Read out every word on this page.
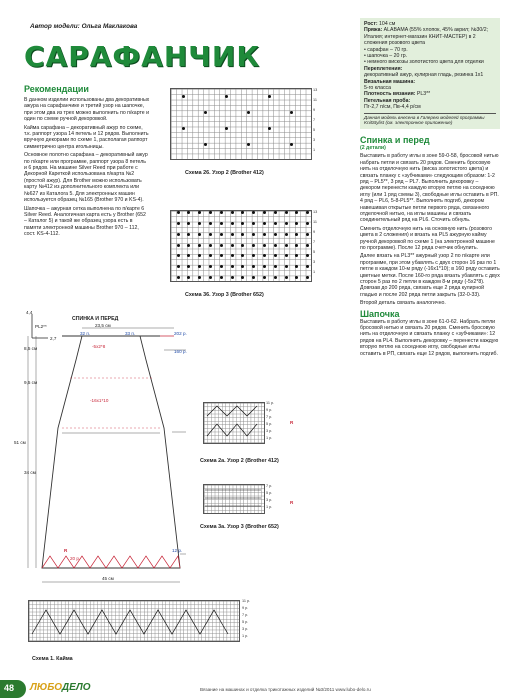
Автор модели: Ольга Маклакова
САРАФАНЧИК
Рекомендации

В данном изделии использованы два декоративных ажура на сарафанчике и третий узор на шапочке, при этом два из трех можно выполнить по п/карте и один по схеме ручной декоровкой.

Кайма сарафана – декоративный ажур по схеме, т.к. раппорт узора 14 петель и 12 рядов. Выполнить вручную декорами по схеме 1, располагая раппорт симметрично центра иголыницы.

Основное полотно сарафана – декоративный ажур по п/карте или программе, раппорт узора 8 петель и 6 рядов. На машине Silver Reed при работе с Декорной Кареткой использована п/карта №2 (простой ажур). Для Brother можно использовать карту №412 из дополнительного комплекта или №627 из Каталога 5. Для электронных машин используется образец №165 (Brother 970 и KS-4).

Шапочка – ажурная сетка выполнена по п/карте 6 Silver Reed. Аналогичная карта есть у Brother (652 – Каталог 5) и такой же образец узора есть в памяти электронной машины Brother 970 – 112, сост. KS-4-112.

13
11
9
7
5
3
1
Схема 26. Узор 2 (Brother 412)
13
11
9
7
5
3
1
Схема 36. Узор 3 (Brother 652)
СПИНКА И ПЕРЕД
4,4
PL2**
2,7
23,5 см
32 п.	33 п.	202 р.
-5х2*8
160 р.
-16х1*10
8,5 см
9,5 см
34 см
51 см
12 р.
20 р.
R
45 см
11 р.
9 р.
7 р.
5 р.
3 р.
1 р.
R
Схема 2а. Узор 2 (Brother 412)
7 р.
5 р.
3 р.
1 р.
R
Схема 3а. Узор 3 (Brother 652)
11 р.
9 р.
7 р.
5 р.
3 р.
1 р.
Схема 1. Кайма
Рост: 104 см
Пряжа: ALABAMA (55% хлопок, 45% акрил; №30/2; Италия; интернет-магазин КНИТ-МАСТЕР) в 2 сложения розового цвета
• сарафан – 70 гр.
• шапочка – 20 гр.
• немного вискозы золотистого цвета для отделки
Переплетения:
декоративный ажур, кулирная гладь, резинка 1х1
Вязальная машина:
5-го класса
Плотность вязания: PL3**
Петельная проба:
Пг-2,7 п/см, Пв-4,4 р/см
Данная модель внесена в Галерею моделей программы KnitStylist (см. электронное приложение)
Спинка и перед
(2 детали)

Выставить в работу иглы в зоне 59-0-58, бросовой нитью набрать петли и связать 20 рядов. Сменить бросовую нить на отделочную нить (виска золотистого цвета) и связать планку с «зубчиками» следующим образом: 1-2 ряд – PL5**, 3 ряд – PL7. Выполнить декоровку – декором перенести каждую вторую петлю на соседнюю иглу (или 1 ряд схемы 3), свободные иглы оставить в РП. 4 ряд – PL6, 5-8-PL5**. Выполнить подгиб, декором навешивая открытые петли первого ряда, связанного отделочной нитью, на иглы машины и связать соединительный ряд на PL6. Сточить обнуль.

Сменить отделочную нить на основную нить (розового цвета в 2 сложения) и вязать на PL5 ажурную кайму ручной декоровкой по схеме 1 (на электронной машине по программе). После 12 ряда счетчик обнулить.

Далее вязать на PL3** ажурный узор 2 по п/карте или программе, при этом убавлять с двух сторон 16 раз по 1 петле в каждом 10-м ряду (-16х1*10); в 160 ряду оставить цветные метки. После 160-го ряда вязать убавлять с двух сторон 5 раз по 2 петли в каждом 8-м ряду (-5х2*8). Довязав до 200 ряда, связать еще 2 ряда кулирной гладью и после 202 ряда петли закрыть (32-0-33).

Второй деталь связать аналогично.

Шапочка

Выставить в работу иглы в зоне 61-0-62. Набрать петли бросовой нитью и связать 20 рядов. Сменить бросовую нить на отделочную и связать планку с «зубчиками»: 12 рядов на PL4. Выполнить декоровку – перенести каждую вторую петлю на соседнюю иглу, свободные иглы оставить в РП, связать еще 12 рядов, выполнить подгиб.

48 ЛЮБОДЕЛО	Вязание на машинах и отделка трикотажных изделий №3/2011 www.lubo-delo.ru
